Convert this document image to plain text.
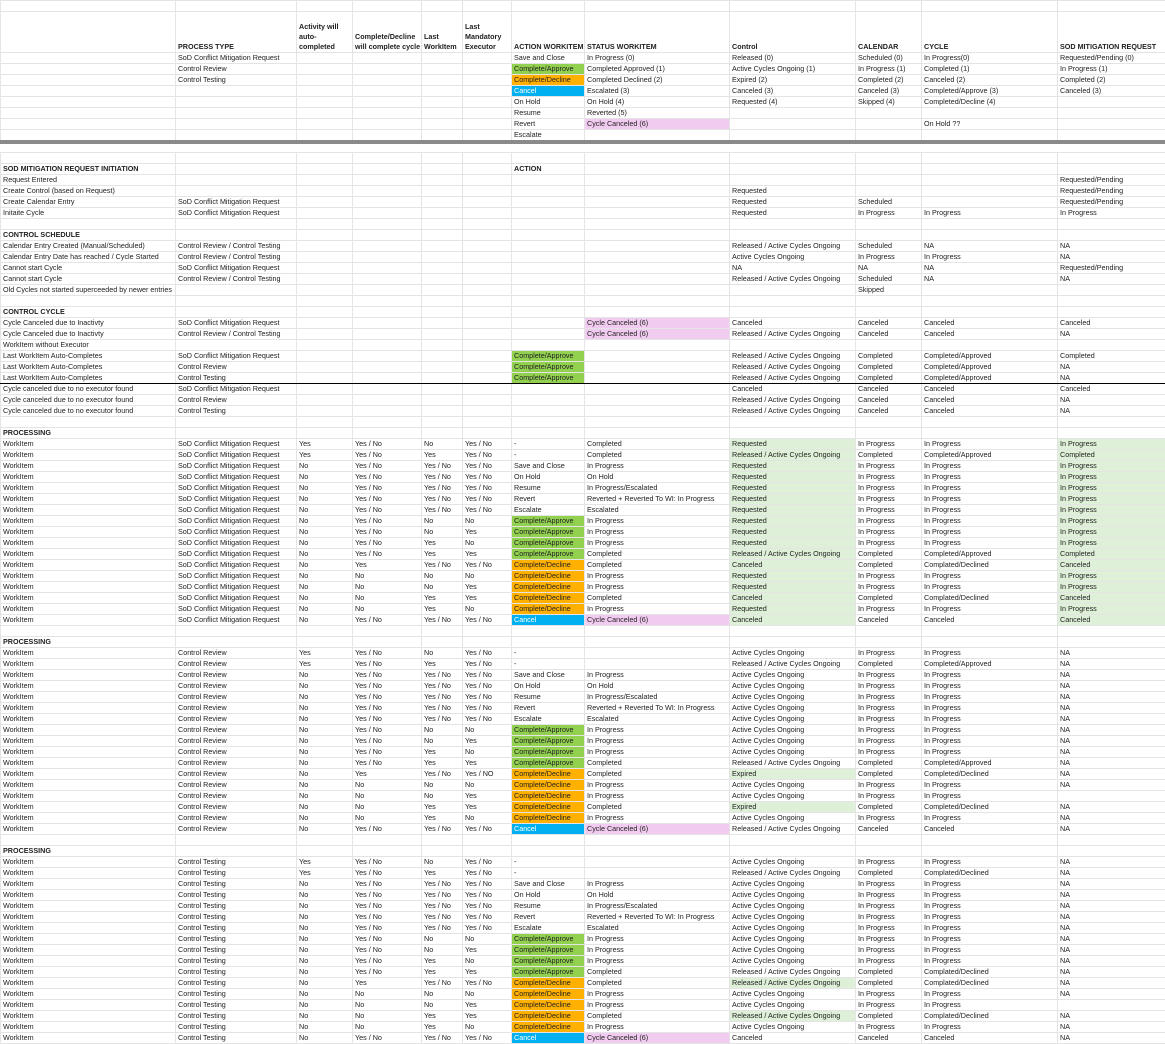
	PROCESS TYPE	Activity will auto-completed	Complete/Decline will complete cycle	Last WorkItem	Last Mandatory Executor	ACTION WORKITEM	STATUS WORKITEM	Control	CALENDAR	CYCLE	SOD MITIGATION REQUEST
	SoD Conflict Mitigation Request					Save and Close	In Progress (0)	Released (0)	Scheduled (0)	In Progress(0)	Requested/Pending (0)
	Control Review					Complete/Approve	Completed Approved (1)	Active Cycles Ongoing (1)	In Progress (1)	Completed (1)	In Progress (1)
	Control Testing					Complete/Decline	Completed Declined (2)	Expired (2)	Completed (2)	Canceled (2)	Completed (2)
						Cancel	Escalated (3)	Canceled (3)	Canceled (3)	Completed/Approve (3)	Canceled (3)
						On Hold	On Hold (4)	Requested (4)	Skipped (4)	Completed/Decline (4)	
						Resume	Reverted (5)				
						Revert	Cycle Canceled (6)			On Hold ??	
						Escalate					

SOD MITIGATION REQUEST INITIATION						ACTION					
Request Entered											Requested/Pending
Create Control (based on Request)								Requested			Requested/Pending
Create Calendar Entry	SoD Conflict Mitigation Request							Requested	Scheduled		Requested/Pending
Initaite Cycle	SoD Conflict Mitigation Request							Requested	In Progress	In Progress	In Progress

CONTROL SCHEDULE											
Calendar Entry Created (Manual/Scheduled)	Control Review / Control Testing							Released / Active Cycles Ongoing	Scheduled	NA	NA
Calendar Entry Date has reached / Cycle Started	Control Review / Control Testing							Active Cycles Ongoing	In Progress	In Progress	NA
Cannot start Cycle	SoD Conflict Mitigation Request							NA	NA	NA	Requested/Pending
Cannot start Cycle	Control Review / Control Testing							Released / Active Cycles Ongoing	Scheduled	NA	NA
Old Cycles not started superceeded by newer entries									Skipped		

CONTROL CYCLE											
Cycle Canceled due to Inactivty	SoD Conflict Mitigation Request						Cycle Canceled (6)	Canceled	Canceled	Canceled	Canceled
Cycle Canceled due to Inactivty	Control Review / Control Testing						Cycle Canceled (6)	Released / Active Cycles Ongoing	Canceled	Canceled	NA
WorkItem without Executor											
Last WorkItem Auto-Completes	SoD Conflict Mitigation Request					Complete/Approve		Released / Active Cycles Ongoing	Completed	Completed/Approved	Completed
Last WorkItem Auto-Completes	Control Review					Complete/Approve		Released / Active Cycles Ongoing	Completed	Completed/Approved	NA
Last WorkItem Auto-Completes	Control Testing					Complete/Approve		Released / Active Cycles Ongoing	Completed	Completed/Approved	NA
Cycle canceled due to no executor found	SoD Conflict Mitigation Request							Canceled	Canceled	Canceled	Canceled
Cycle canceled due to no executor found	Control Review							Released / Active Cycles Ongoing	Canceled	Canceled	NA
Cycle canceled due to no executor found	Control Testing							Released / Active Cycles Ongoing	Canceled	Canceled	NA

PROCESSING											
WorkItem	SoD Conflict Mitigation Request	Yes	Yes / No	No	Yes / No	-	Completed	Requested	In Progress	In Progress	In Progress
WorkItem	SoD Conflict Mitigation Request	Yes	Yes / No	Yes	Yes / No	-	Completed	Released / Active Cycles Ongoing	Completed	Completed/Approved	Completed
WorkItem	SoD Conflict Mitigation Request	No	Yes / No	Yes / No	Yes / No	Save and Close	In Progress	Requested	In Progress	In Progress	In Progress
WorkItem	SoD Conflict Mitigation Request	No	Yes / No	Yes / No	Yes / No	On Hold	On Hold	Requested	In Progress	In Progress	In Progress
WorkItem	SoD Conflict Mitigation Request	No	Yes / No	Yes / No	Yes / No	Resume	In Progress/Escalated	Requested	In Progress	In Progress	In Progress
WorkItem	SoD Conflict Mitigation Request	No	Yes / No	Yes / No	Yes / No	Revert	Reverted + Reverted To WI: In Progress	Requested	In Progress	In Progress	In Progress
WorkItem	SoD Conflict Mitigation Request	No	Yes / No	Yes / No	Yes / No	Escalate	Escalated	Requested	In Progress	In Progress	In Progress
WorkItem	SoD Conflict Mitigation Request	No	Yes / No	No	No	Complete/Approve	In Progress	Requested	In Progress	In Progress	In Progress
WorkItem	SoD Conflict Mitigation Request	No	Yes / No	No	Yes	Complete/Approve	In Progress	Requested	In Progress	In Progress	In Progress
WorkItem	SoD Conflict Mitigation Request	No	Yes / No	Yes	No	Complete/Approve	In Progress	Requested	In Progress	In Progress	In Progress
WorkItem	SoD Conflict Mitigation Request	No	Yes / No	Yes	Yes	Complete/Approve	Completed	Released / Active Cycles Ongoing	Completed	Completed/Approved	Completed
WorkItem	SoD Conflict Mitigation Request	No	Yes	Yes / No	Yes / No	Complete/Decline	Completed	Canceled	Completed	Complated/Declined	Canceled
WorkItem	SoD Conflict Mitigation Request	No	No	No	No	Complete/Decline	In Progress	Requested	In Progress	In Progress	In Progress
WorkItem	SoD Conflict Mitigation Request	No	No	No	Yes	Complete/Decline	In Progress	Requested	In Progress	In Progress	In Progress
WorkItem	SoD Conflict Mitigation Request	No	No	Yes	Yes	Complete/Decline	Completed	Canceled	Completed	Complated/Declined	Canceled
WorkItem	SoD Conflict Mitigation Request	No	No	Yes	No	Complete/Decline	In Progress	Requested	In Progress	In Progress	In Progress
WorkItem	SoD Conflict Mitigation Request	No	Yes / No	Yes / No	Yes / No	Cancel	Cycle Canceled (6)	Canceled	Canceled	Canceled	Canceled

PROCESSING											
WorkItem	Control Review	Yes	Yes / No	No	Yes / No	-		Active Cycles Ongoing	In Progress	In Progress	NA
WorkItem	Control Review	Yes	Yes / No	Yes	Yes / No	-		Released / Active Cycles Ongoing	Completed	Completed/Approved	NA
WorkItem	Control Review	No	Yes / No	Yes / No	Yes / No	Save and Close	In Progress	Active Cycles Ongoing	In Progress	In Progress	NA
WorkItem	Control Review	No	Yes / No	Yes / No	Yes / No	On Hold	On Hold	Active Cycles Ongoing	In Progress	In Progress	NA
WorkItem	Control Review	No	Yes / No	Yes / No	Yes / No	Resume	In Progress/Escalated	Active Cycles Ongoing	In Progress	In Progress	NA
WorkItem	Control Review	No	Yes / No	Yes / No	Yes / No	Revert	Reverted + Reverted To WI: In Progress	Active Cycles Ongoing	In Progress	In Progress	NA
WorkItem	Control Review	No	Yes / No	Yes / No	Yes / No	Escalate	Escalated	Active Cycles Ongoing	In Progress	In Progress	NA
WorkItem	Control Review	No	Yes / No	No	No	Complete/Approve	In Progress	Active Cycles Ongoing	In Progress	In Progress	NA
WorkItem	Control Review	No	Yes / No	No	Yes	Complete/Approve	In Progress	Active Cycles Ongoing	In Progress	In Progress	NA
WorkItem	Control Review	No	Yes / No	Yes	No	Complete/Approve	In Progress	Active Cycles Ongoing	In Progress	In Progress	NA
WorkItem	Control Review	No	Yes / No	Yes	Yes	Complete/Approve	Completed	Released / Active Cycles Ongoing	Completed	Completed/Approved	NA
WorkItem	Control Review	No	Yes	Yes / No	Yes / NO	Complete/Decline	Completed	Expired	Completed	Completed/Declined	NA
WorkItem	Control Review	No	No	No	No	Complete/Decline	In Progress	Active Cycles Ongoing	In Progress	In Progress	NA
WorkItem	Control Review	No	No	No	Yes	Complete/Decline	In Progress	Active Cycles Ongoing	In Progress	In Progress	
WorkItem	Control Review	No	No	Yes	Yes	Complete/Decline	Completed	Expired	Completed	Completed/Declined	NA
WorkItem	Control Review	No	No	Yes	No	Complete/Decline	In Progress	Active Cycles Ongoing	In Progress	In Progress	NA
WorkItem	Control Review	No	Yes / No	Yes / No	Yes / No	Cancel	Cycle Canceled (6)	Released / Active Cycles Ongoing	Canceled	Canceled	NA

PROCESSING											
WorkItem	Control Testing	Yes	Yes / No	No	Yes / No	-		Active Cycles Ongoing	In Progress	In Progress	NA
WorkItem	Control Testing	Yes	Yes / No	Yes	Yes / No	-		Released / Active Cycles Ongoing	Completed	Complated/Declined	NA
WorkItem	Control Testing	No	Yes / No	Yes / No	Yes / No	Save and Close	In Progress	Active Cycles Ongoing	In Progress	In Progress	NA
WorkItem	Control Testing	No	Yes / No	Yes / No	Yes / No	On Hold	On Hold	Active Cycles Ongoing	In Progress	In Progress	NA
WorkItem	Control Testing	No	Yes / No	Yes / No	Yes / No	Resume	In Progress/Escalated	Active Cycles Ongoing	In Progress	In Progress	NA
WorkItem	Control Testing	No	Yes / No	Yes / No	Yes / No	Revert	Reverted + Reverted To WI: In Progress	Active Cycles Ongoing	In Progress	In Progress	NA
WorkItem	Control Testing	No	Yes / No	Yes / No	Yes / No	Escalate	Escalated	Active Cycles Ongoing	In Progress	In Progress	NA
WorkItem	Control Testing	No	Yes / No	No	No	Complete/Approve	In Progress	Active Cycles Ongoing	In Progress	In Progress	NA
WorkItem	Control Testing	No	Yes / No	No	Yes	Complete/Approve	In Progress	Active Cycles Ongoing	In Progress	In Progress	NA
WorkItem	Control Testing	No	Yes / No	Yes	No	Complete/Approve	In Progress	Active Cycles Ongoing	In Progress	In Progress	NA
WorkItem	Control Testing	No	Yes / No	Yes	Yes	Complete/Approve	Completed	Released / Active Cycles Ongoing	Completed	Complated/Declined	NA
WorkItem	Control Testing	No	Yes	Yes / No	Yes / No	Complete/Decline	Completed	Released / Active Cycles Ongoing	Completed	Complated/Declined	NA
WorkItem	Control Testing	No	No	No	No	Complete/Decline	In Progress	Active Cycles Ongoing	In Progress	In Progress	NA
WorkItem	Control Testing	No	No	No	Yes	Complete/Decline	In Progress	Active Cycles Ongoing	In Progress	In Progress	
WorkItem	Control Testing	No	No	Yes	Yes	Complete/Decline	Completed	Released / Active Cycles Ongoing	Completed	Complated/Declined	NA
WorkItem	Control Testing	No	No	Yes	No	Complete/Decline	In Progress	Active Cycles Ongoing	In Progress	In Progress	NA
WorkItem	Control Testing	No	Yes / No	Yes / No	Yes / No	Cancel	Cycle Canceled (6)	Canceled	Canceled	Canceled	NA
